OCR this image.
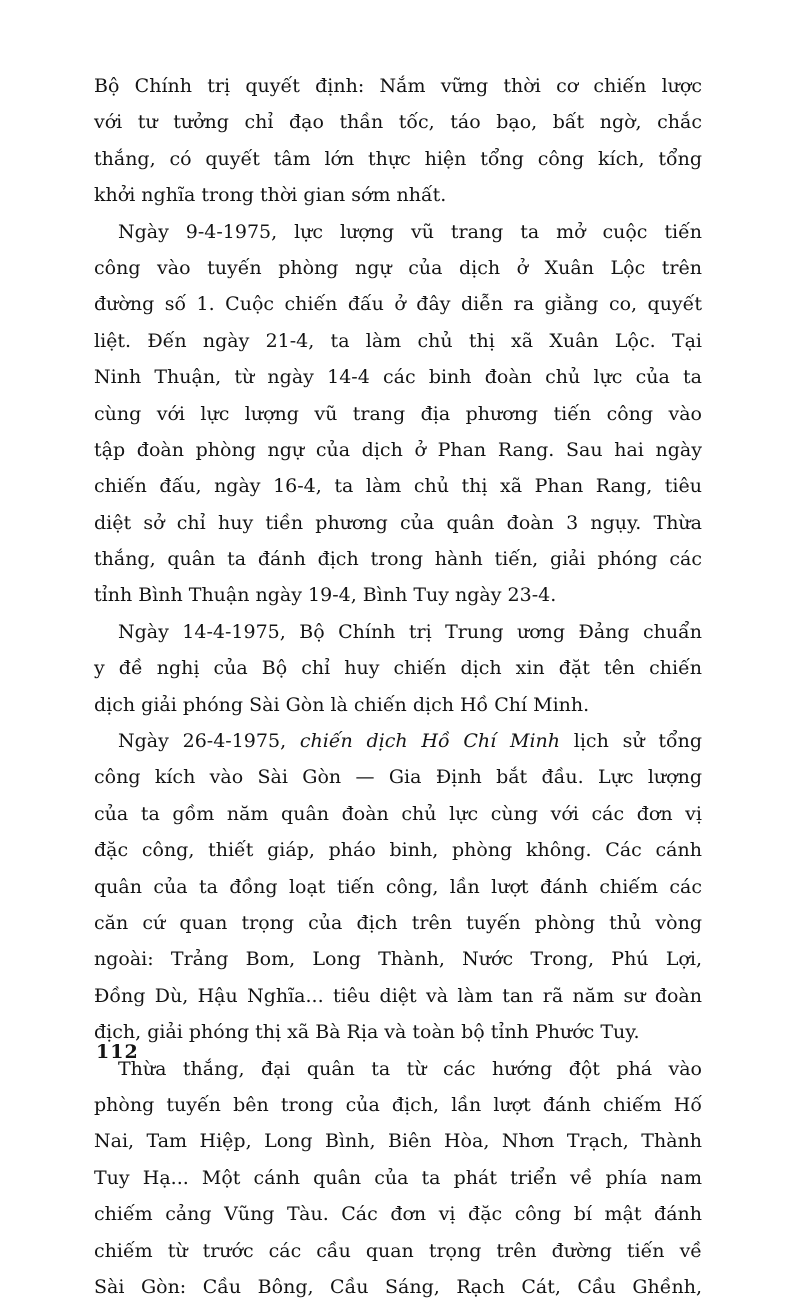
Bộ Chính trị quyết định: Nắm vững thời cơ chiến lược
với tư tưởng chỉ đạo thần tốc, táo bạo, bất ngờ, chắc
thắng, có quyết tâm lớn thực hiện tổng công kích, tổng
khởi nghĩa trong thời gian sớm nhất.
Ngày 9-4-1975, lực lượng vũ trang ta mở cuộc tiến
công vào tuyến phòng ngự của dịch ở Xuân Lộc trên
đường số 1. Cuộc chiến đấu ở đây diễn ra giằng co, quyết
liệt. Đến ngày 21-4, ta làm chủ thị xã Xuân Lộc. Tại
Ninh Thuận, từ ngày 14-4 các binh đoàn chủ lực của ta
cùng với lực lượng vũ trang địa phương tiến công vào
tập đoàn phòng ngự của dịch ở Phan Rang. Sau hai ngày
chiến đấu, ngày 16-4, ta làm chủ thị xã Phan Rang, tiêu
diệt sở chỉ huy tiền phương của quân đoàn 3 ngụy. Thừa
thắng, quân ta đánh địch trong hành tiến, giải phóng các
tỉnh Bình Thuận ngày 19-4, Bình Tuy ngày 23-4.
Ngày 14-4-1975, Bộ Chính trị Trung ương Đảng chuẩn
y đề nghị của Bộ chỉ huy chiến dịch xin đặt tên chiến
dịch giải phóng Sài Gòn là chiến dịch Hồ Chí Minh.
Ngày 26-4-1975, chiến dịch Hồ Chí Minh lịch sử tổng
công kích vào Sài Gòn — Gia Định bắt đầu. Lực lượng
của ta gồm năm quân đoàn chủ lực cùng với các đơn vị
đặc công, thiết giáp, pháo binh, phòng không. Các cánh
quân của ta đồng loạt tiến công, lần lượt đánh chiếm các
căn cứ quan trọng của địch trên tuyến phòng thủ vòng
ngoài: Trảng Bom, Long Thành, Nước Trong, Phú Lợi,
Đồng Dù, Hậu Nghĩa... tiêu diệt và làm tan rã năm sư đoàn
địch, giải phóng thị xã Bà Rịa và toàn bộ tỉnh Phước Tuy.
Thừa thắng, đại quân ta từ các hướng đột phá vào
phòng tuyến bên trong của địch, lần lượt đánh chiếm Hố
Nai, Tam Hiệp, Long Bình, Biên Hòa, Nhơn Trạch, Thành
Tuy Hạ... Một cánh quân của ta phát triển về phía nam
chiếm cảng Vũng Tàu. Các đơn vị đặc công bí mật đánh
chiếm từ trước các cầu quan trọng trên đường tiến về
Sài Gòn: Cầu Bông, Cầu Sáng, Rạch Cát, Cầu Ghềnh,
112
